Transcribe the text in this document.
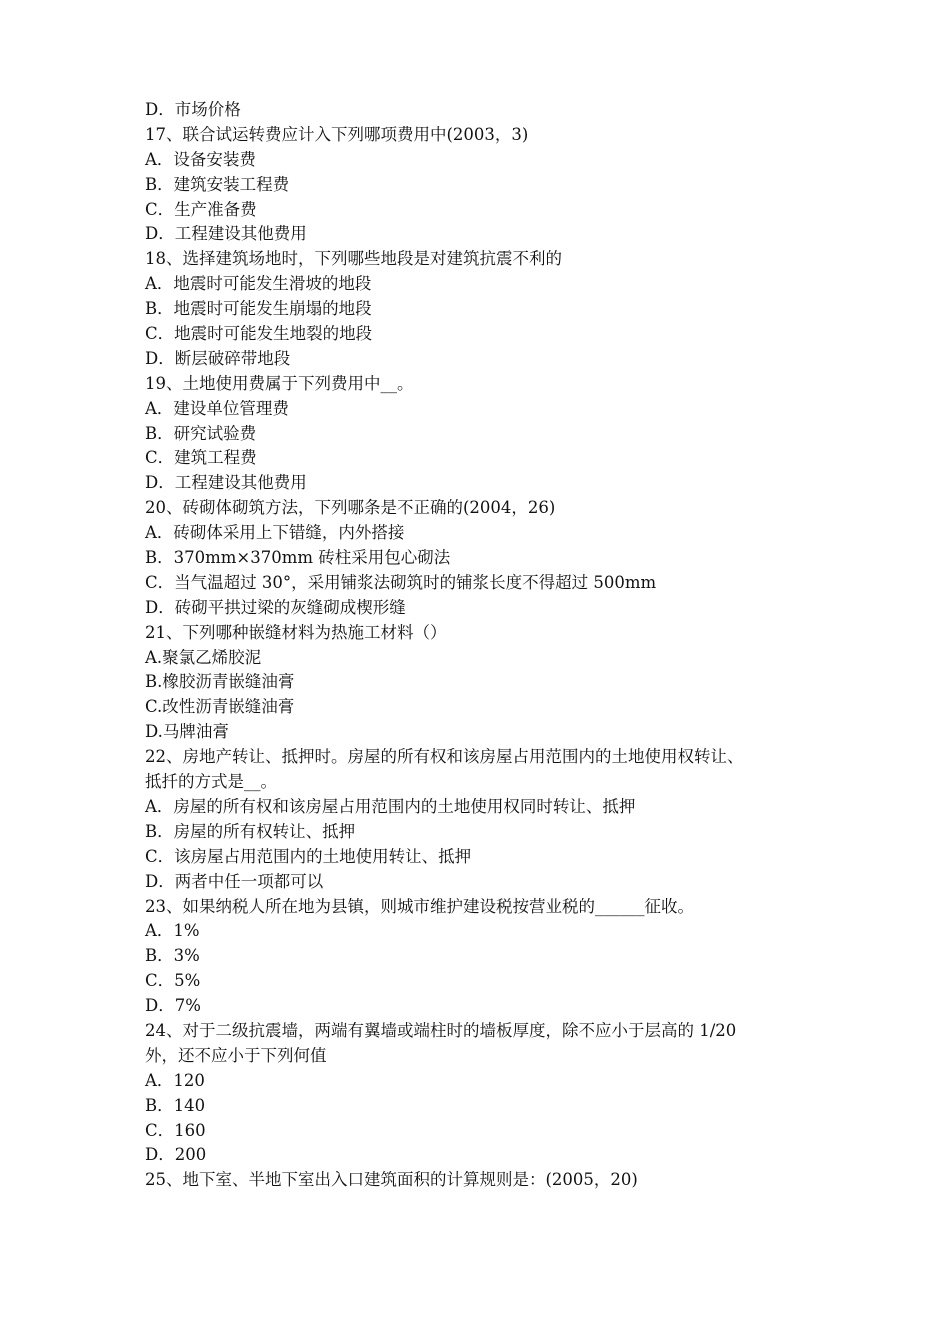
D．市场价格
17、联合试运转费应计入下列哪项费用中(2003，3)
A．设备安装费
B．建筑安装工程费
C．生产准备费
D．工程建设其他费用
18、选择建筑场地时，下列哪些地段是对建筑抗震不利的
A．地震时可能发生滑坡的地段
B．地震时可能发生崩塌的地段
C．地震时可能发生地裂的地段
D．断层破碎带地段
19、土地使用费属于下列费用中__。
A．建设单位管理费
B．研究试验费
C．建筑工程费
D．工程建设其他费用
20、砖砌体砌筑方法，下列哪条是不正确的(2004，26)
A．砖砌体采用上下错缝，内外搭接
B．370mm×370mm 砖柱采用包心砌法
C．当气温超过 30°，采用铺浆法砌筑时的铺浆长度不得超过 500mm
D．砖砌平拱过梁的灰缝砌成楔形缝
21、下列哪种嵌缝材料为热施工材料（）
A.聚氯乙烯胶泥
B.橡胶沥青嵌缝油膏
C.改性沥青嵌缝油膏
D.马牌油膏
22、房地产转让、抵押时。房屋的所有权和该房屋占用范围内的土地使用权转让、
抵扦的方式是__。
A．房屋的所有权和该房屋占用范围内的土地使用权同时转让、抵押
B．房屋的所有权转让、抵押
C．该房屋占用范围内的土地使用转让、抵押
D．两者中任一项都可以
23、如果纳税人所在地为县镇，则城市维护建设税按营业税的______征收。
A．1%
B．3%
C．5%
D．7%
24、对于二级抗震墙，两端有翼墙或端柱时的墙板厚度，除不应小于层高的 1/20
外，还不应小于下列何值
A．120
B．140
C．160
D．200
25、地下室、半地下室出入口建筑面积的计算规则是：(2005，20)
